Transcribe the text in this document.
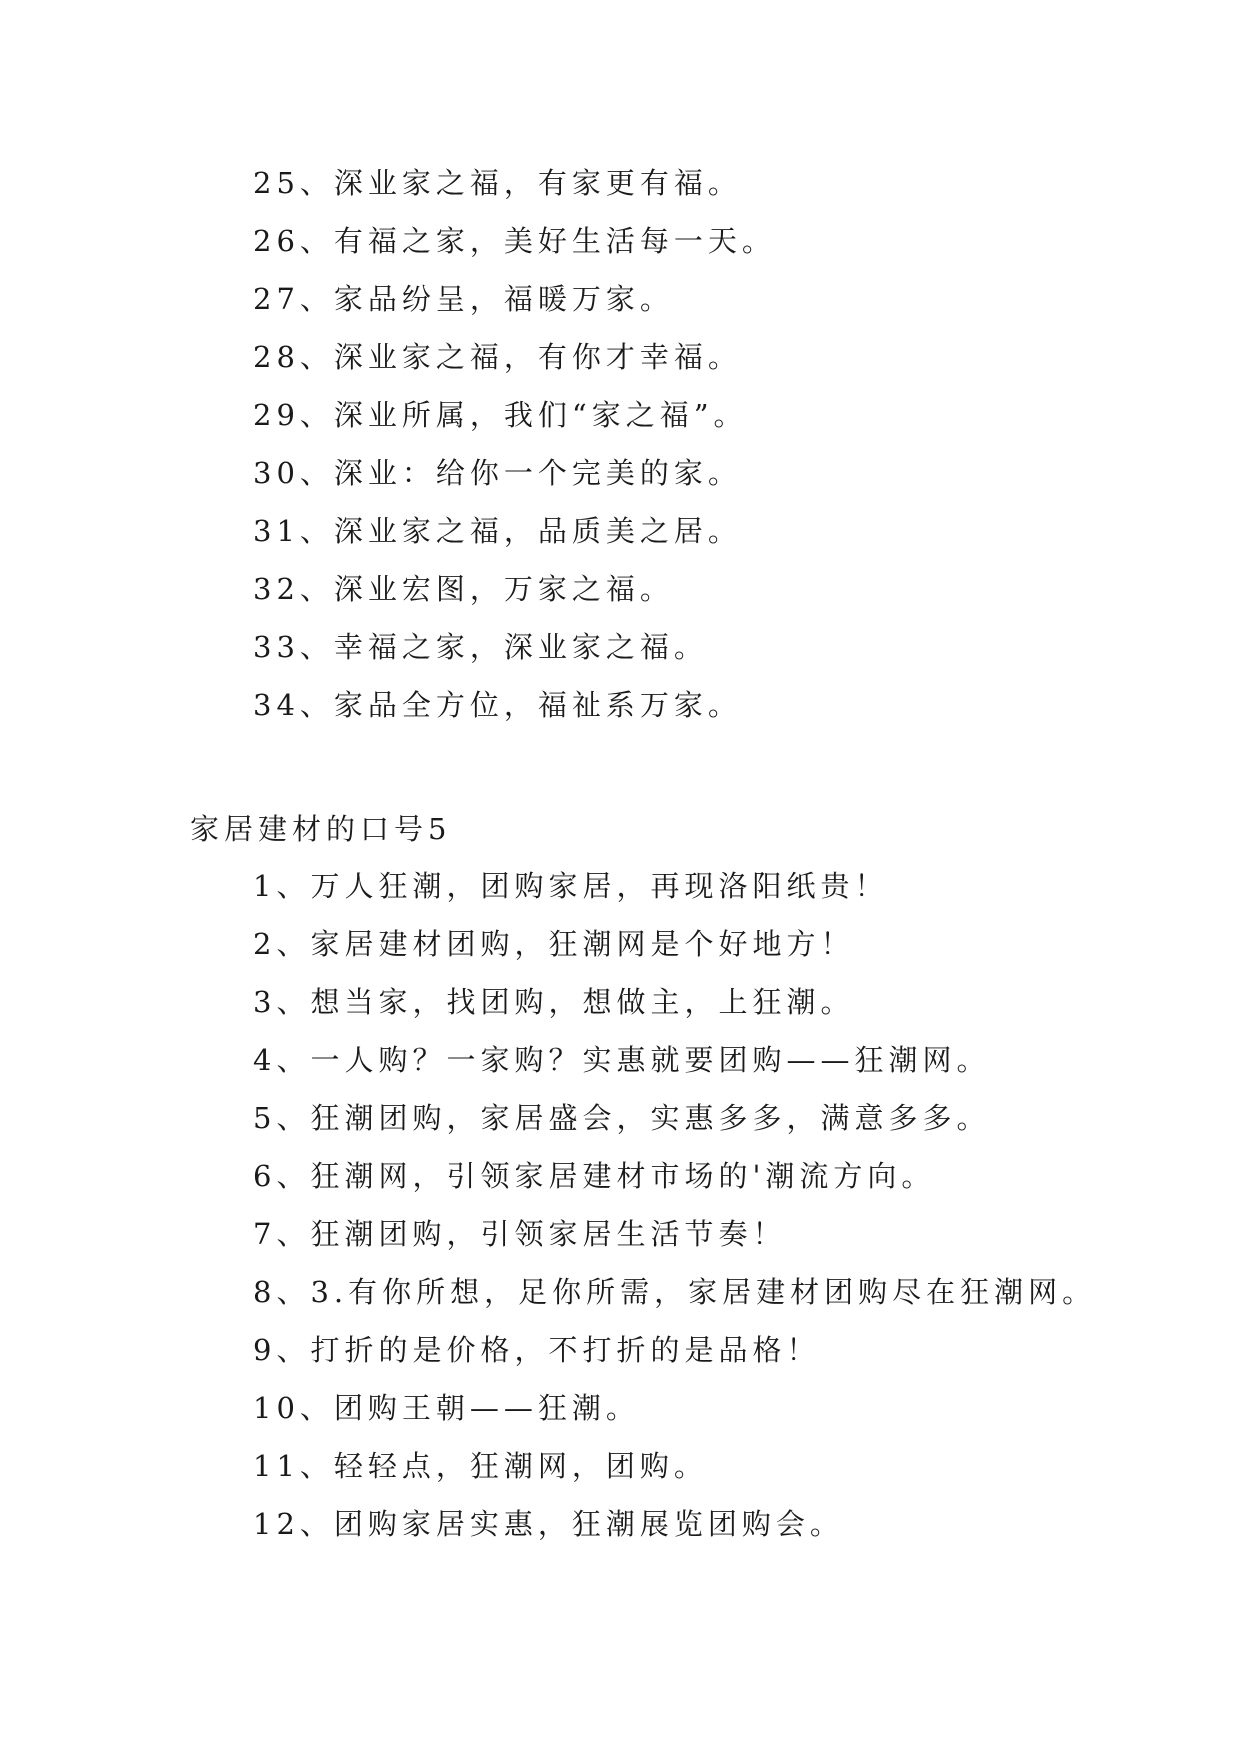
25、深业家之福，有家更有福。
26、有福之家，美好生活每一天。
27、家品纷呈，福暖万家。
28、深业家之福，有你才幸福。
29、深业所属，我们“家之福”。
30、深业：给你一个完美的家。
31、深业家之福，品质美之居。
32、深业宏图，万家之福。
33、幸福之家，深业家之福。
34、家品全方位，福祉系万家。
家居建材的口号5
1、万人狂潮，团购家居，再现洛阳纸贵！
2、家居建材团购，狂潮网是个好地方！
3、想当家，找团购，想做主，上狂潮。
4、一人购？一家购？实惠就要团购——狂潮网。
5、狂潮团购，家居盛会，实惠多多，满意多多。
6、狂潮网，引领家居建材市场的'潮流方向。
7、狂潮团购，引领家居生活节奏！
8、3.有你所想，足你所需，家居建材团购尽在狂潮网。
9、打折的是价格，不打折的是品格！
10、团购王朝——狂潮。
11、轻轻点，狂潮网，团购。
12、团购家居实惠，狂潮展览团购会。
